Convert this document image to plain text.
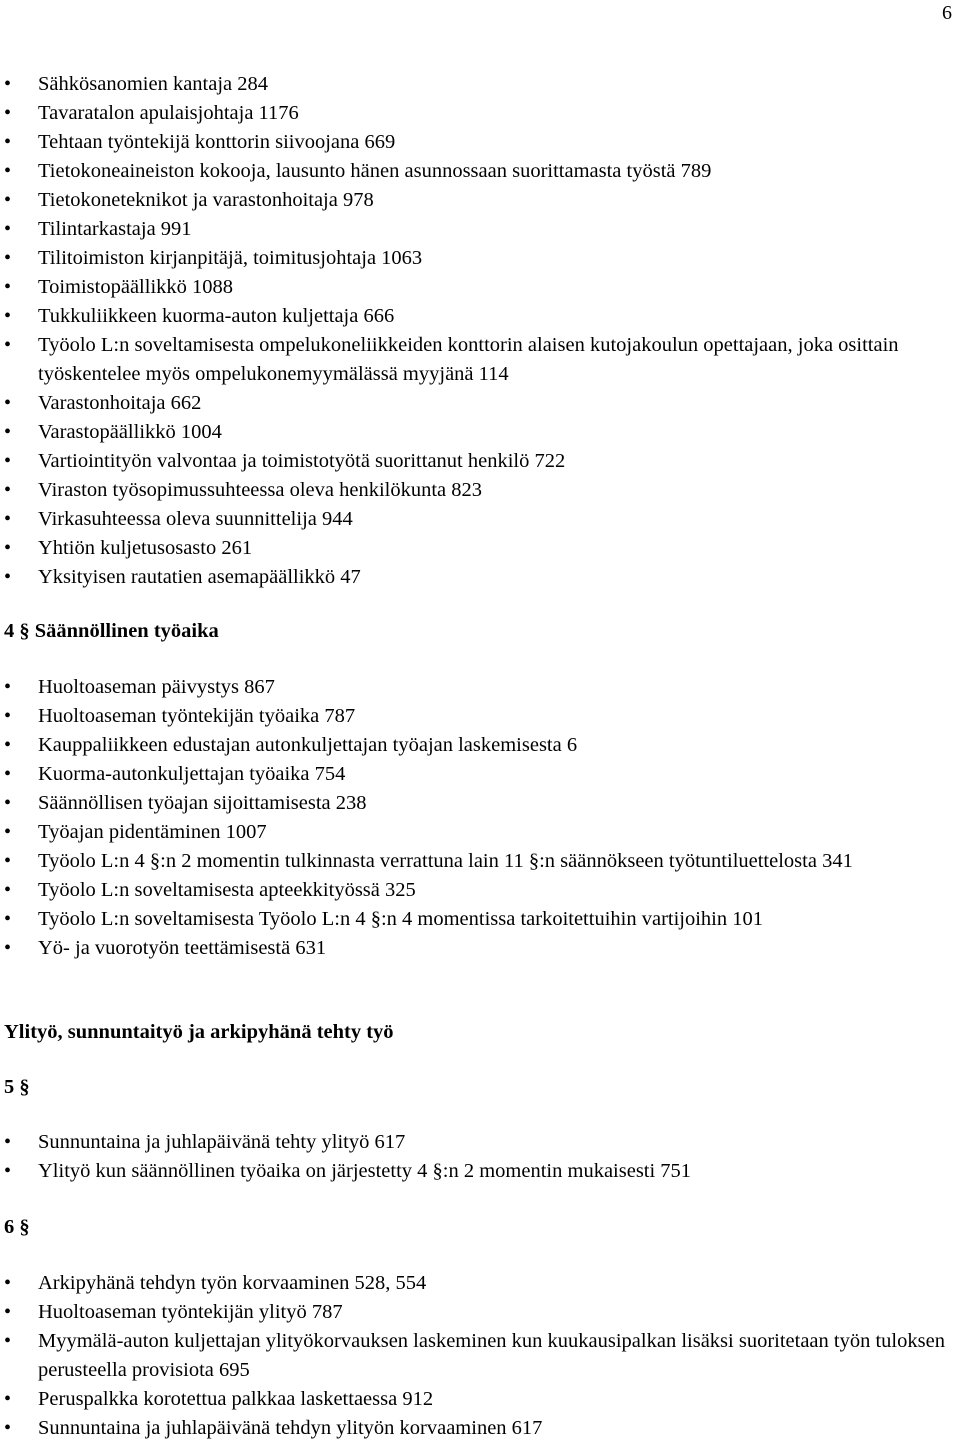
6
• Sähkösanomien kantaja 284
• Tavaratalon apulaisjohtaja 1176
• Tehtaan työntekijä konttorin siivoojana 669
• Tietokoneaineiston kokooja, lausunto hänen asunnossaan suorittamasta työstä 789
• Tietokoneteknikot ja varastonhoitaja 978
• Tilintarkastaja 991
• Tilitoimiston kirjanpitäjä, toimitusjohtaja 1063
• Toimistopäällikkö 1088
• Tukkuliikkeen kuorma-auton kuljettaja 666
• Työolo L:n soveltamisesta ompelukoneliikkeiden konttorin alaisen kutojakoulun opettajaan, joka osittain työskentelee myös ompelukonemyymälässä myyjänä 114
• Varastonhoitaja 662
• Varastopäällikkö 1004
• Vartiointityön valvontaa ja toimistotyötä suorittanut henkilö 722
• Viraston työsopimussuhteessa oleva henkilökunta 823
• Virkasuhteessa oleva suunnittelija 944
• Yhtiön kuljetusosasto 261
• Yksityisen rautatien asemapäällikkö 47
4 § Säännöllinen työaika
• Huoltoaseman päivystys 867
• Huoltoaseman työntekijän työaika 787
• Kauppaliikkeen edustajan autonkuljettajan työajan laskemisesta 6
• Kuorma-autonkuljettajan työaika 754
• Säännöllisen työajan sijoittamisesta 238
• Työajan pidentäminen 1007
• Työolo L:n 4 §:n 2 momentin tulkinnasta verrattuna lain 11 §:n säännökseen työtuntiluettelosta 341
• Työolo L:n soveltamisesta apteekkityössä 325
• Työolo L:n soveltamisesta Työolo L:n 4 §:n 4 momentissa tarkoitettuihin vartijoihin 101
• Yö- ja vuorotyön teettämisestä 631
Ylityö, sunnuntaityö ja arkipyhänä tehty työ
5 §
• Sunnuntaina ja juhlapäivänä tehty ylityö 617
• Ylityö kun säännöllinen työaika on järjestetty 4 §:n 2 momentin mukaisesti 751
6 §
• Arkipyhänä tehdyn työn korvaaminen 528, 554
• Huoltoaseman työntekijän ylityö 787
• Myymälä-auton kuljettajan ylityökorvauksen laskeminen kun kuukausipalkan lisäksi suoritetaan työn tuloksen perusteella provisiota 695
• Peruspalkka korotettua palkkaa laskettaessa 912
• Sunnuntaina ja juhlapäivänä tehdyn ylityön korvaaminen 617
